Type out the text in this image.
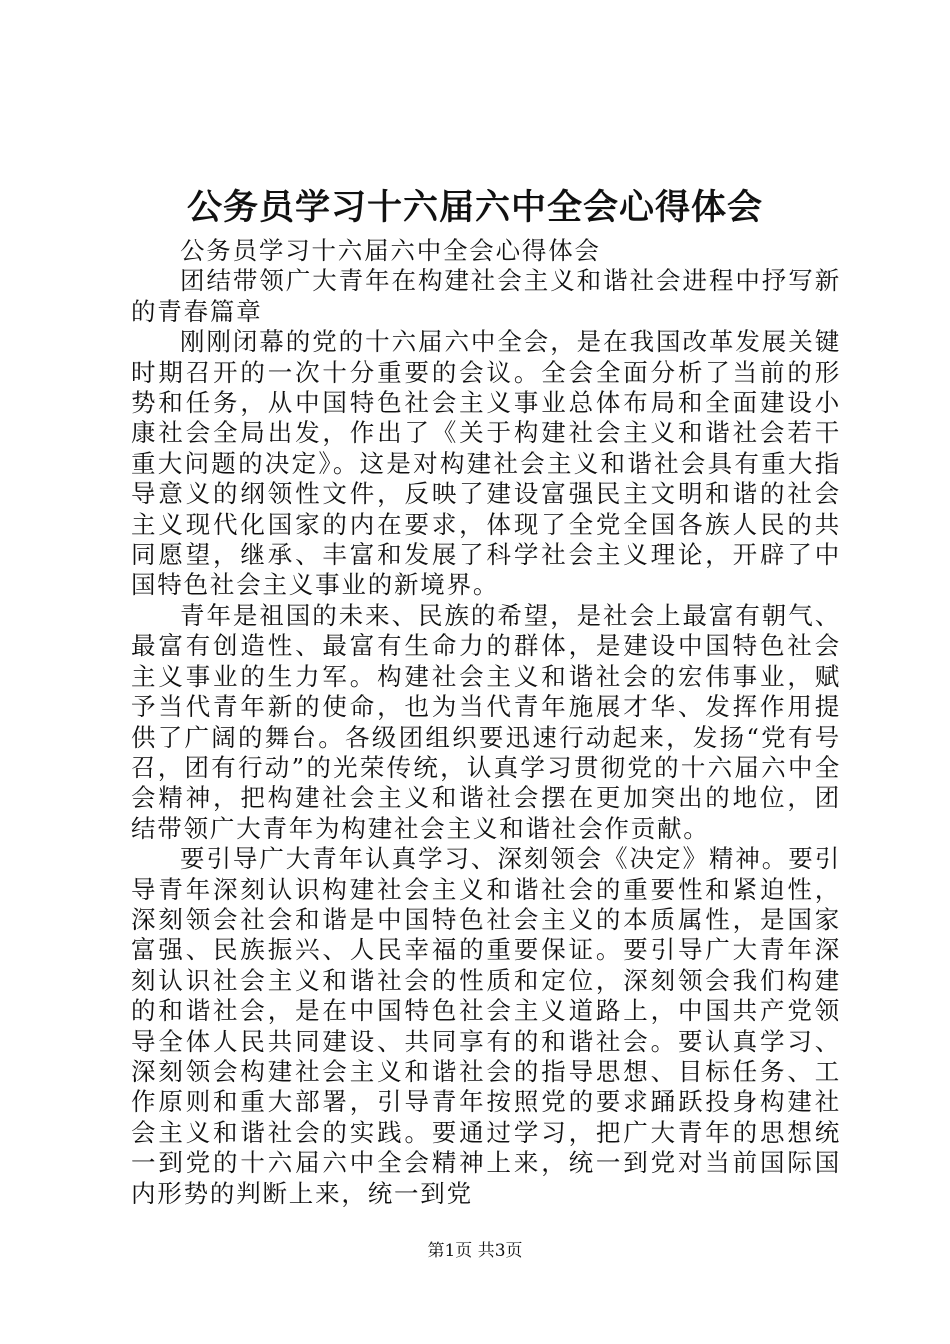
公务员学习十六届六中全会心得体会

公务员学习十六届六中全会心得体会

团结带领广大青年在构建社会主义和谐社会进程中抒写新的青春篇章

刚刚闭幕的党的十六届六中全会，是在我国改革发展关键时期召开的一次十分重要的会议。全会全面分析了当前的形势和任务，从中国特色社会主义事业总体布局和全面建设小康社会全局出发，作出了《关于构建社会主义和谐社会若干重大问题的决定》。这是对构建社会主义和谐社会具有重大指导意义的纲领性文件，反映了建设富强民主文明和谐的社会主义现代化国家的内在要求，体现了全党全国各族人民的共同愿望，继承、丰富和发展了科学社会主义理论，开辟了中国特色社会主义事业的新境界。

青年是祖国的未来、民族的希望，是社会上最富有朝气、最富有创造性、最富有生命力的群体，是建设中国特色社会主义事业的生力军。构建社会主义和谐社会的宏伟事业，赋予当代青年新的使命，也为当代青年施展才华、发挥作用提供了广阔的舞台。各级团组织要迅速行动起来，发扬“党有号召，团有行动”的光荣传统，认真学习贯彻党的十六届六中全会精神，把构建社会主义和谐社会摆在更加突出的地位，团结带领广大青年为构建社会主义和谐社会作贡献。

要引导广大青年认真学习、深刻领会《决定》精神。要引导青年深刻认识构建社会主义和谐社会的重要性和紧迫性，深刻领会社会和谐是中国特色社会主义的本质属性，是国家富强、民族振兴、人民幸福的重要保证。要引导广大青年深刻认识社会主义和谐社会的性质和定位，深刻领会我们构建的和谐社会，是在中国特色社会主义道路上，中国共产党领导全体人民共同建设、共同享有的和谐社会。要认真学习、深刻领会构建社会主义和谐社会的指导思想、目标任务、工作原则和重大部署，引导青年按照党的要求踊跃投身构建社会主义和谐社会的实践。要通过学习，把广大青年的思想统一到党的十六届六中全会精神上来，统一到党对当前国际国内形势的判断上来，统一到党

第1页 共3页
